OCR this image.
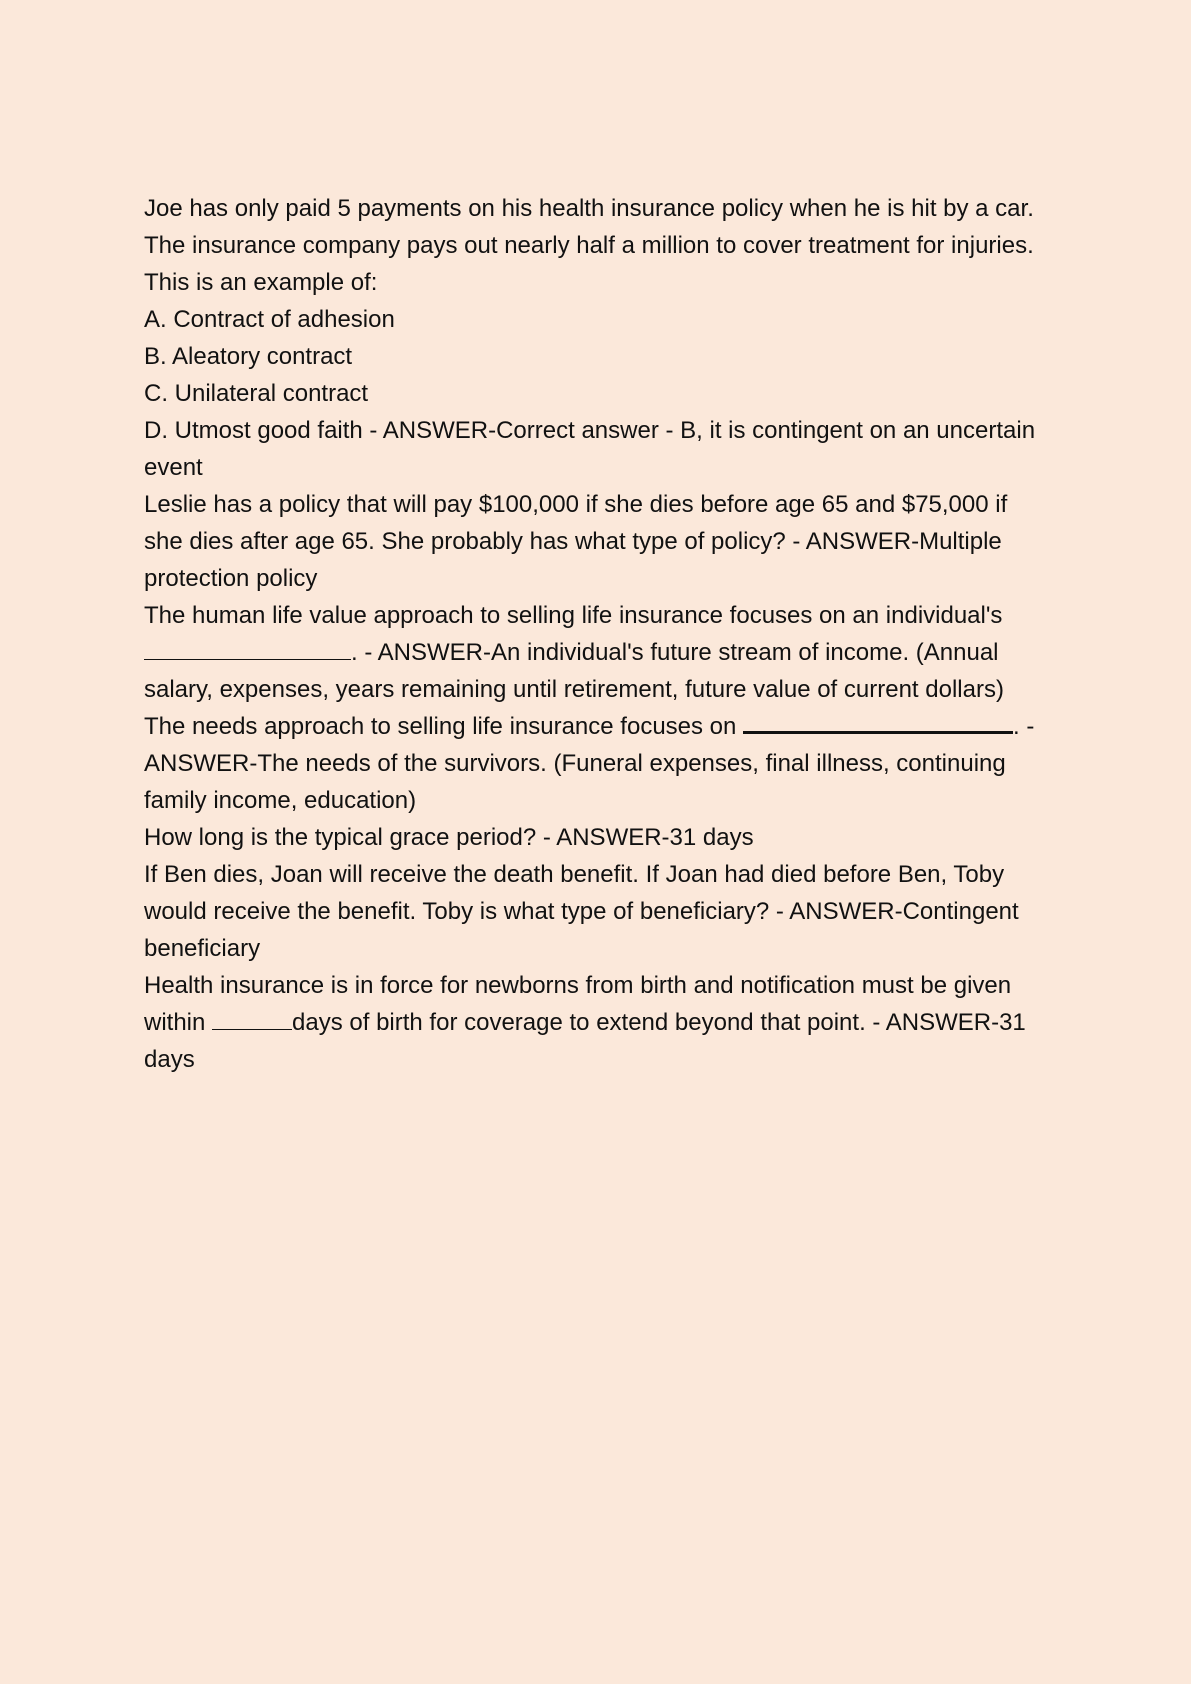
Joe has only paid 5 payments on his health insurance policy when he is hit by a car. The insurance company pays out nearly half a million to cover treatment for injuries. This is an example of:

A. Contract of adhesion

B. Aleatory contract

C. Unilateral contract

D. Utmost good faith - ANSWER-Correct answer - B, it is contingent on an uncertain event

Leslie has a policy that will pay $100,000 if she dies before age 65 and $75,000 if she dies after age 65. She probably has what type of policy? - ANSWER-Multiple protection policy

The human life value approach to selling life insurance focuses on an individual's . - ANSWER-An individual's future stream of income. (Annual salary, expenses, years remaining until retirement, future value of current dollars)

The needs approach to selling life insurance focuses on	. - ANSWER-The needs of the survivors. (Funeral expenses, final illness, continuing family income, education)

How long is the typical grace period? - ANSWER-31 days

If Ben dies, Joan will receive the death benefit. If Joan had died before Ben, Toby would receive the benefit. Toby is what type of beneficiary? - ANSWER-Contingent beneficiary

Health insurance is in force for newborns from birth and notification must be given within	days of birth for coverage to extend beyond that point. - ANSWER-31 days
